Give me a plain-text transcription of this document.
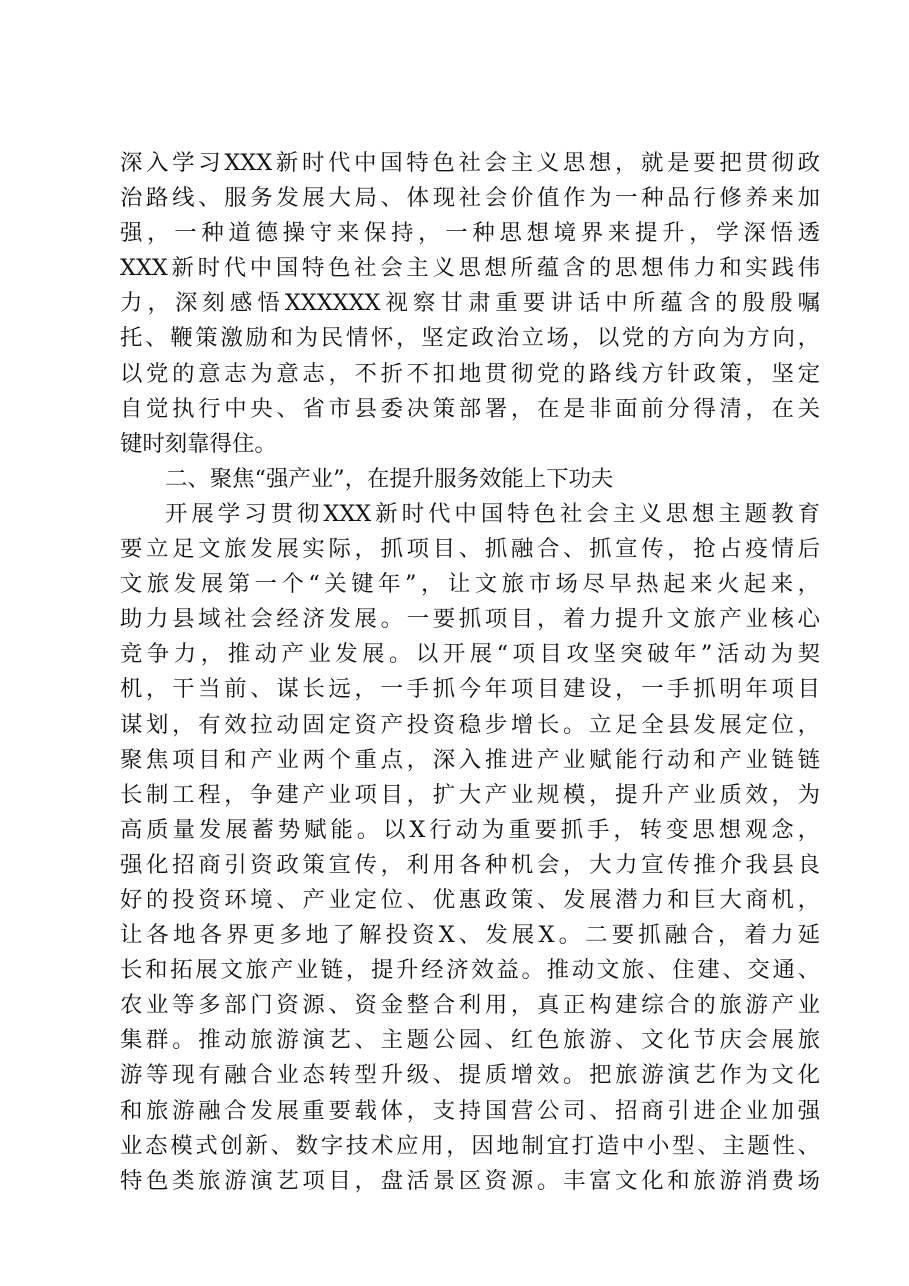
深入学习XXX新时代中国特色社会主义思想，就是要把贯彻政
治路线、服务发展大局、体现社会价值作为一种品行修养来加
强，一种道德操守来保持，一种思想境界来提升，学深悟透
XXX新时代中国特色社会主义思想所蕴含的思想伟力和实践伟
力，深刻感悟XXXXXX视察甘肃重要讲话中所蕴含的殷殷嘱
托、鞭策激励和为民情怀，坚定政治立场，以党的方向为方向，
以党的意志为意志，不折不扣地贯彻党的路线方针政策，坚定
自觉执行中央、省市县委决策部署，在是非面前分得清，在关
键时刻靠得住。
二、聚焦“强产业”，在提升服务效能上下功夫
开展学习贯彻XXX新时代中国特色社会主义思想主题教育
要立足文旅发展实际，抓项目、抓融合、抓宣传，抢占疫情后
文旅发展第一个“关键年”，让文旅市场尽早热起来火起来，
助力县域社会经济发展。一要抓项目，着力提升文旅产业核心
竞争力，推动产业发展。以开展“项目攻坚突破年”活动为契
机，干当前、谋长远，一手抓今年项目建设，一手抓明年项目
谋划，有效拉动固定资产投资稳步增长。立足全县发展定位，
聚焦项目和产业两个重点，深入推进产业赋能行动和产业链链
长制工程，争建产业项目，扩大产业规模，提升产业质效，为
高质量发展蓄势赋能。以X行动为重要抓手，转变思想观念，
强化招商引资政策宣传，利用各种机会，大力宣传推介我县良
好的投资环境、产业定位、优惠政策、发展潜力和巨大商机，
让各地各界更多地了解投资X、发展X。二要抓融合，着力延
长和拓展文旅产业链，提升经济效益。推动文旅、住建、交通、
农业等多部门资源、资金整合利用，真正构建综合的旅游产业
集群。推动旅游演艺、主题公园、红色旅游、文化节庆会展旅
游等现有融合业态转型升级、提质增效。把旅游演艺作为文化
和旅游融合发展重要载体，支持国营公司、招商引进企业加强
业态模式创新、数字技术应用，因地制宜打造中小型、主题性、
特色类旅游演艺项目，盘活景区资源。丰富文化和旅游消费场
